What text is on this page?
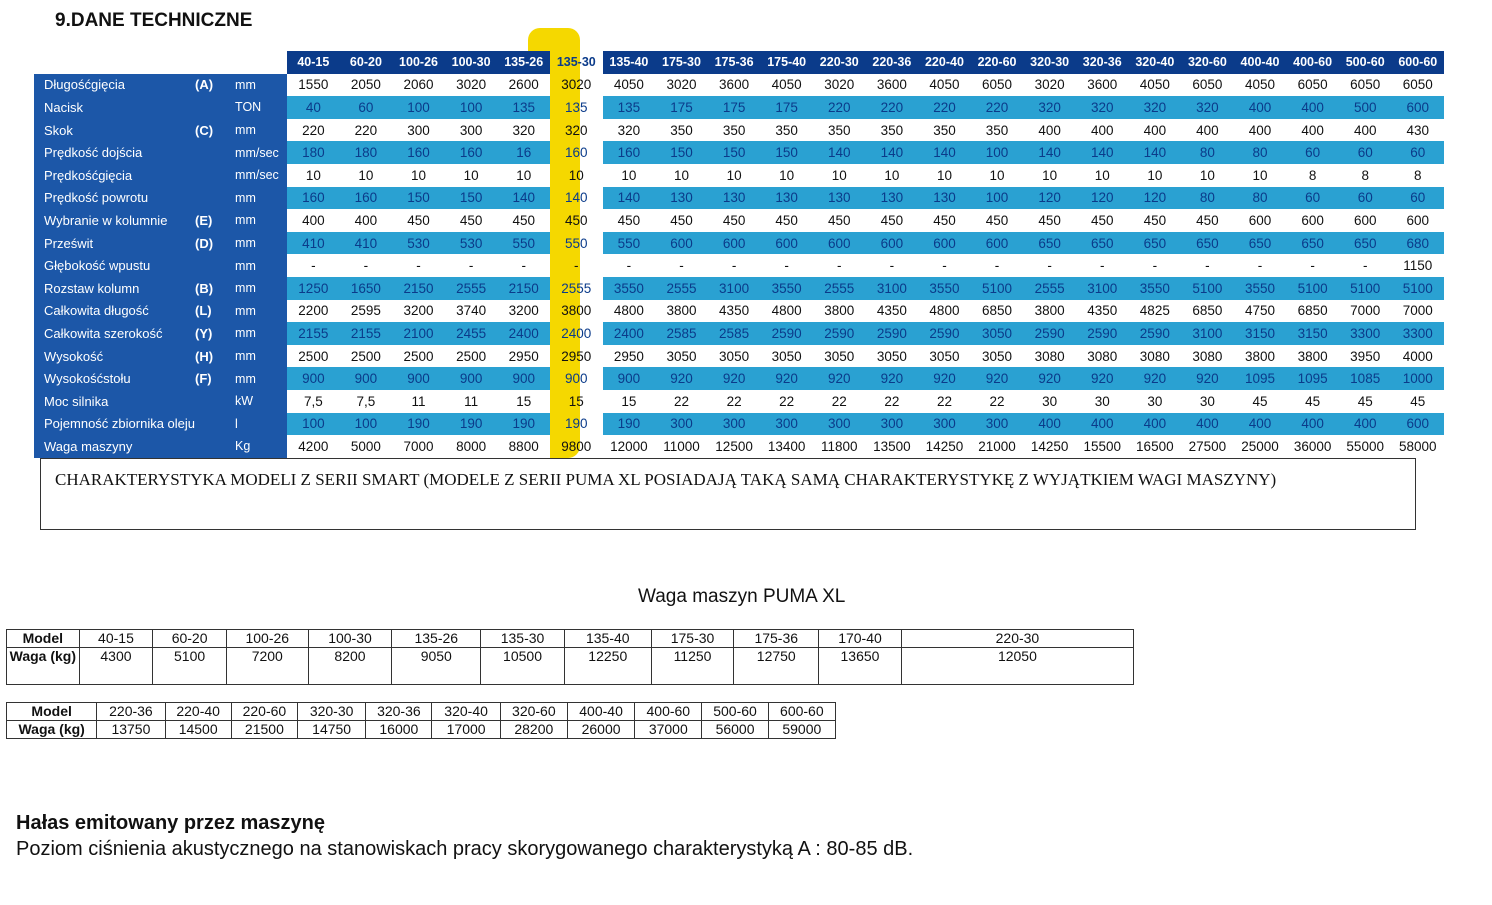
9.DANE TECHNICZNE
			40-15	60-20	100-26	100-30	135-26	135-30	135-40	175-30	175-36	175-40	220-30	220-36	220-40	220-60	320-30	320-36	320-40	320-60	400-40	400-60	500-60	600-60
Długośćgięcia	(A)	mm	1550	2050	2060	3020	2600	3020	4050	3020	3600	4050	3020	3600	4050	6050	3020	3600	4050	6050	4050	6050	6050	6050
Nacisk		TON	40	60	100	100	135	135	135	175	175	175	220	220	220	220	320	320	320	320	400	400	500	600
Skok	(C)	mm	220	220	300	300	320	320	320	350	350	350	350	350	350	350	400	400	400	400	400	400	400	430
Prędkość dojścia		mm/sec	180	180	160	160	16	160	160	150	150	150	140	140	140	100	140	140	140	80	80	60	60	60
Prędkośćgięcia		mm/sec	10	10	10	10	10	10	10	10	10	10	10	10	10	10	10	10	10	10	10	8	8	8
Prędkość powrotu		mm	160	160	150	150	140	140	140	130	130	130	130	130	130	100	120	120	120	80	80	60	60	60
Wybranie w kolumnie	(E)	mm	400	400	450	450	450	450	450	450	450	450	450	450	450	450	450	450	450	450	600	600	600	600
Prześwit	(D)	mm	410	410	530	530	550	550	550	600	600	600	600	600	600	600	650	650	650	650	650	650	650	680
Głębokość wpustu		mm	-	-	-	-	-	-	-	-	-	-	-	-	-	-	-	-	-	-	-	-	-	1150
Rozstaw kolumn	(B)	mm	1250	1650	2150	2555	2150	2555	3550	2555	3100	3550	2555	3100	3550	5100	2555	3100	3550	5100	3550	5100	5100	5100
Całkowita długość	(L)	mm	2200	2595	3200	3740	3200	3800	4800	3800	4350	4800	3800	4350	4800	6850	3800	4350	4825	6850	4750	6850	7000	7000
Całkowita szerokość	(Y)	mm	2155	2155	2100	2455	2400	2400	2400	2585	2585	2590	2590	2590	2590	3050	2590	2590	2590	3100	3150	3150	3300	3300
Wysokość	(H)	mm	2500	2500	2500	2500	2950	2950	2950	3050	3050	3050	3050	3050	3050	3050	3080	3080	3080	3080	3800	3800	3950	4000
Wysokośćstołu	(F)	mm	900	900	900	900	900	900	900	920	920	920	920	920	920	920	920	920	920	920	1095	1095	1085	1000
Moc silnika		kW	7,5	7,5	11	11	15	15	15	22	22	22	22	22	22	22	30	30	30	30	45	45	45	45
Pojemność zbiornika oleju		l	100	100	190	190	190	190	190	300	300	300	300	300	300	300	400	400	400	400	400	400	400	600
Waga maszyny		Kg	4200	5000	7000	8000	8800	9800	12000	11000	12500	13400	11800	13500	14250	21000	14250	15500	16500	27500	25000	36000	55000	58000
CHARAKTERYSTYKA MODELI Z SERII SMART (MODELE Z SERII PUMA XL POSIADAJĄ TAKĄ SAMĄ CHARAKTERYSTYKĘ Z WYJĄTKIEM WAGI MASZYNY)
Waga maszyn PUMA XL
Model	40-15	60-20	100-26	100-30	135-26	135-30	135-40	175-30	175-36	170-40	220-30
Waga (kg)	4300	5100	7200	8200	9050	10500	12250	11250	12750	13650	12050
Model	220-36	220-40	220-60	320-30	320-36	320-40	320-60	400-40	400-60	500-60	600-60
Waga (kg)	13750	14500	21500	14750	16000	17000	28200	26000	37000	56000	59000
Hałas emitowany przez maszynę
Poziom ciśnienia akustycznego na stanowiskach pracy skorygowanego charakterystyką A : 80-85 dB.
